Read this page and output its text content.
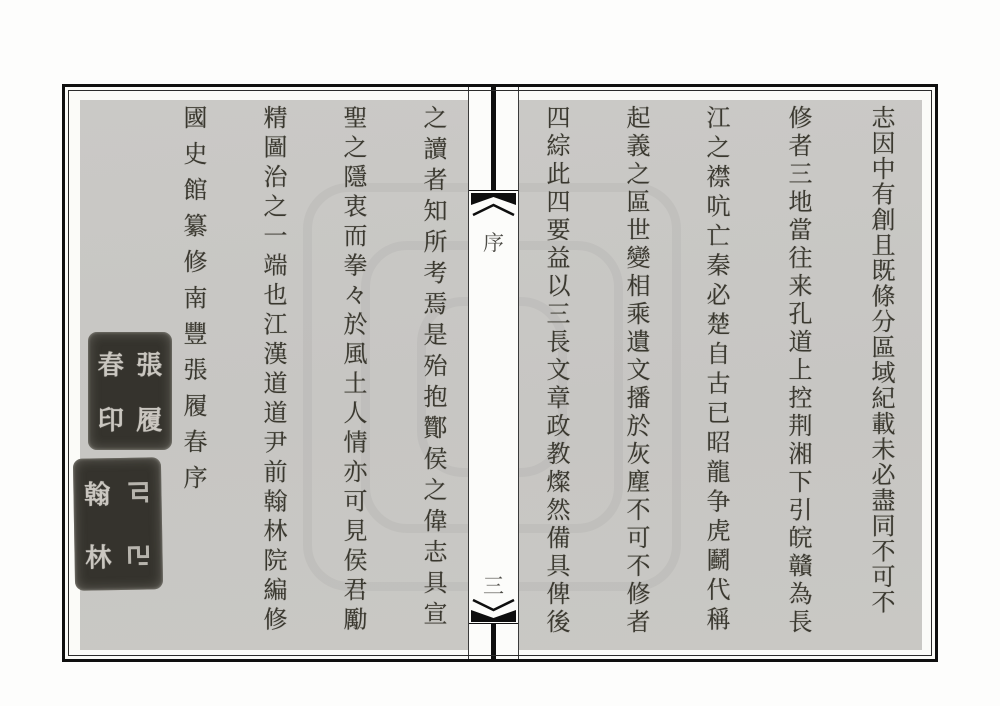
志因中有創且既條分區域紀載未必盡同不可不
修者三地當往来孔道上控荆湘下引皖贛為長
江之襟吭亡秦必楚自古已昭龍争虎鬬代稱
起義之區世變相乘遺文播於灰塵不可不修者
四綜此四要益以三長文章政教燦然備具俾後
之讀者知所考焉是殆抱酇侯之偉志具宣
聖之隱衷而拳々於風土人情亦可見侯君勵
精圖治之一端也江漢道道尹前翰林院編修
國史館纂修南豐張履春序
春 張
印 履
翰
林
序
三
